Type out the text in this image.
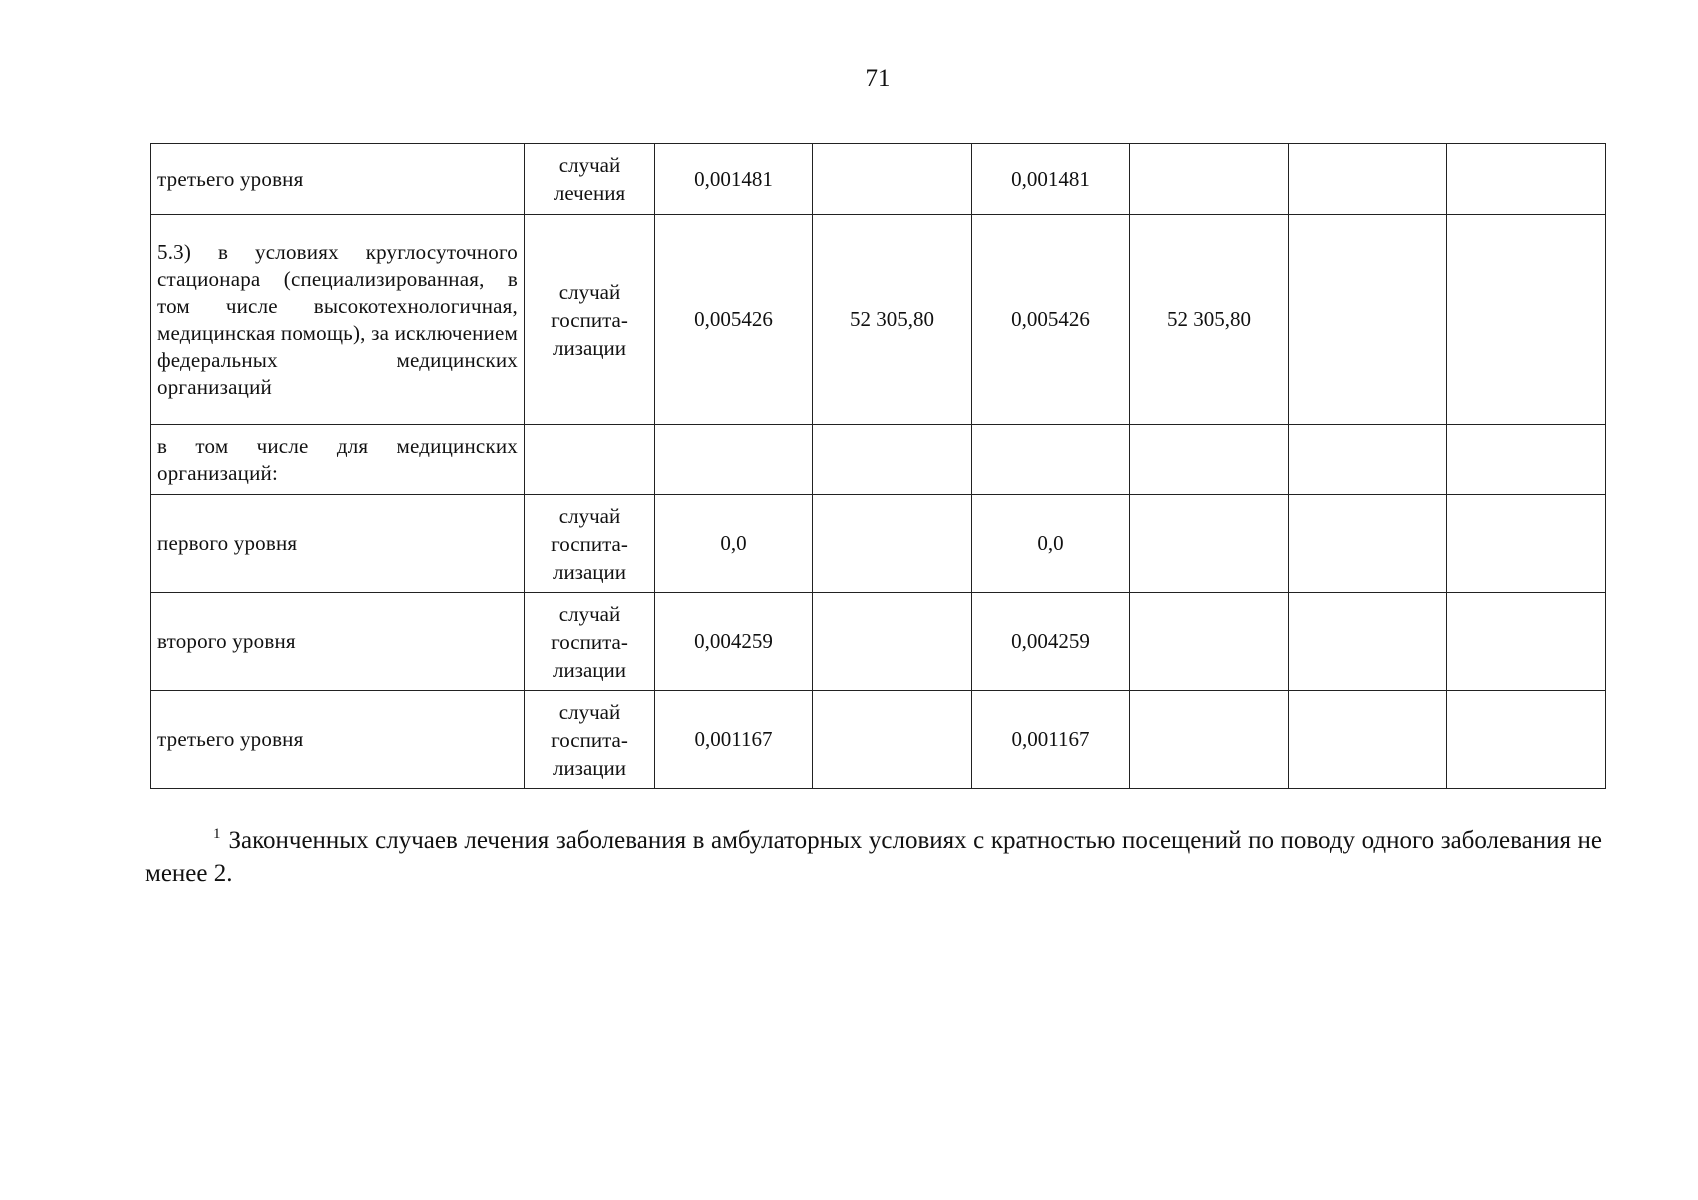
71
третьего уровня	случай лечения	0,001481		0,001481			
5.3) в условиях круглосуточного стационара (специализированная, в том числе высокотехнологичная, медицинская помощь), за исключением федеральных медицинских организаций	случай госпита-лизации	0,005426	52 305,80	0,005426	52 305,80		
в том числе для медицинских организаций:							
первого уровня	случай госпита-лизации	0,0		0,0			
второго уровня	случай госпита-лизации	0,004259		0,004259			
третьего уровня	случай госпита-лизации	0,001167		0,001167			
$^1$ Законченных случаев лечения заболевания в амбулаторных условиях с кратностью посещений по поводу одного заболевания не менее 2.
